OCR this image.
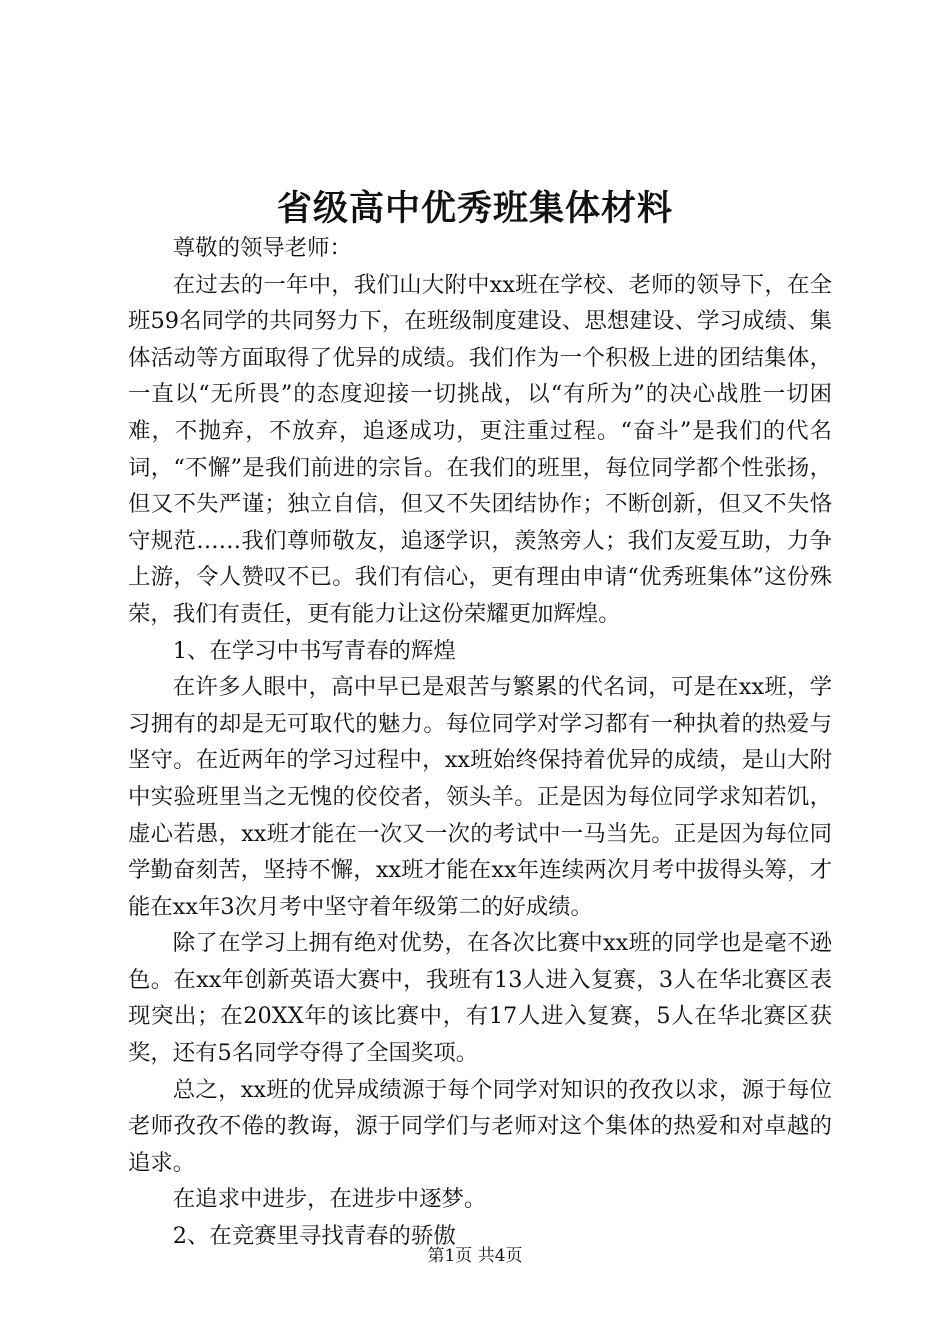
省级高中优秀班集体材料

尊敬的领导老师：

在过去的一年中，我们山大附中xx班在学校、老师的领导下，在全班59名同学的共同努力下，在班级制度建设、思想建设、学习成绩、集体活动等方面取得了优异的成绩。我们作为一个积极上进的团结集体，一直以“无所畏”的态度迎接一切挑战，以“有所为”的决心战胜一切困难，不抛弃，不放弃，追逐成功，更注重过程。“奋斗”是我们的代名词，“不懈”是我们前进的宗旨。在我们的班里，每位同学都个性张扬，但又不失严谨；独立自信，但又不失团结协作；不断创新，但又不失恪守规范……我们尊师敬友，追逐学识，羡煞旁人；我们友爱互助，力争上游，令人赞叹不已。我们有信心，更有理由申请“优秀班集体”这份殊荣，我们有责任，更有能力让这份荣耀更加辉煌。

1、在学习中书写青春的辉煌

在许多人眼中，高中早已是艰苦与繁累的代名词，可是在xx班，学习拥有的却是无可取代的魅力。每位同学对学习都有一种执着的热爱与坚守。在近两年的学习过程中，xx班始终保持着优异的成绩，是山大附中实验班里当之无愧的佼佼者，领头羊。正是因为每位同学求知若饥，虚心若愚，xx班才能在一次又一次的考试中一马当先。正是因为每位同学勤奋刻苦，坚持不懈，xx班才能在xx年连续两次月考中拔得头筹，才能在xx年3次月考中坚守着年级第二的好成绩。

除了在学习上拥有绝对优势，在各次比赛中xx班的同学也是毫不逊色。在xx年创新英语大赛中，我班有13人进入复赛，3人在华北赛区表现突出；在20XX年的该比赛中，有17人进入复赛，5人在华北赛区获奖，还有5名同学夺得了全国奖项。

总之，xx班的优异成绩源于每个同学对知识的孜孜以求，源于每位老师孜孜不倦的教诲，源于同学们与老师对这个集体的热爱和对卓越的追求。

在追求中进步，在进步中逐梦。

2、在竞赛里寻找青春的骄傲

第1页 共4页
